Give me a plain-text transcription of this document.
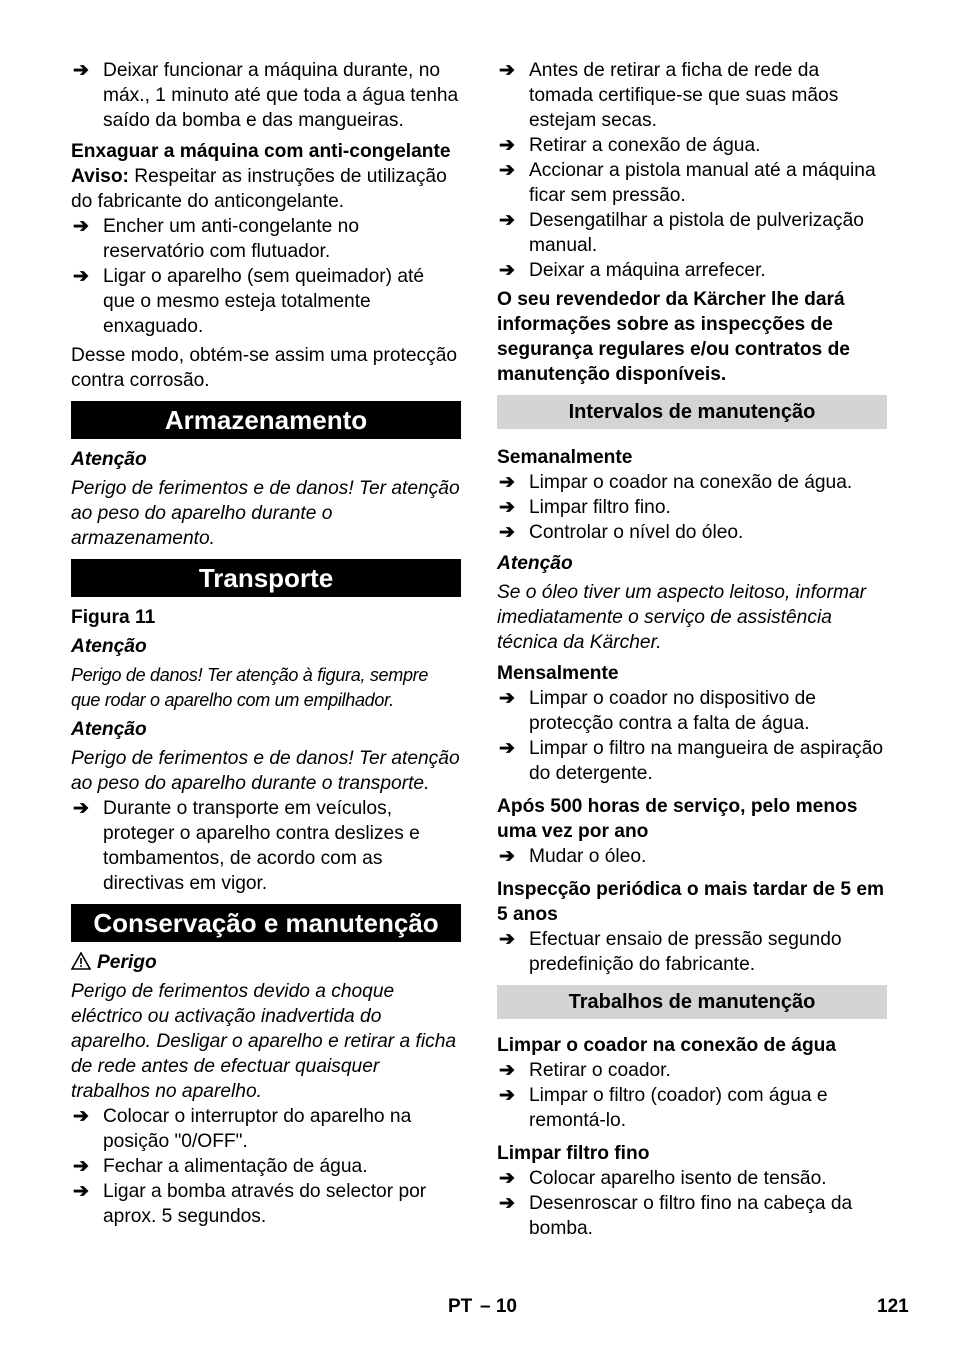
➔ Deixar funcionar a máquina durante, no máx., 1 minuto até que toda a água tenha saído da bomba e das mangueiras.

Enxaguar a máquina com anti-congelante

Aviso: Respeitar as instruções de utilização do fabricante do anticongelante.

➔ Encher um anti-congelante no reservatório com flutuador.
➔ Ligar o aparelho (sem queimador) até que o mesmo esteja totalmente enxaguado.

Desse modo, obtém-se assim uma protecção contra corrosão.

Armazenamento

Atenção

Perigo de ferimentos e de danos! Ter atenção ao peso do aparelho durante o armazenamento.

Transporte

Figura 11

Atenção

Perigo de danos! Ter atenção à figura, sempre que rodar o aparelho com um empilhador.

Atenção

Perigo de ferimentos e de danos! Ter atenção ao peso do aparelho durante o transporte.

➔ Durante o transporte em veículos, proteger o aparelho contra deslizes e tombamentos, de acordo com as directivas em vigor.
Conservação e manutenção

Perigo

Perigo de ferimentos devido a choque eléctrico ou activação inadvertida do aparelho. Desligar o aparelho e retirar a ficha de rede antes de efectuar quaisquer trabalhos no aparelho.

➔ Colocar o interruptor do aparelho na posição "0/OFF".
➔ Fechar a alimentação de água.
➔ Ligar a bomba através do selector por aprox. 5 segundos.
➔ Antes de retirar a ficha de rede da tomada certifique-se que suas mãos estejam secas.
➔ Retirar a conexão de água.
➔ Accionar a pistola manual até a máquina ficar sem pressão.
➔ Desengatilhar a pistola de pulverização manual.
➔ Deixar a máquina arrefecer.

O seu revendedor da Kärcher lhe dará informações sobre as inspecções de segurança regulares e/ou contratos de manutenção disponíveis.

Intervalos de manutenção

Semanalmente

➔ Limpar o coador na conexão de água.
➔ Limpar filtro fino.
➔ Controlar o nível do óleo.

Atenção

Se o óleo tiver um aspecto leitoso, informar imediatamente o serviço de assistência técnica da Kärcher.

Mensalmente

➔ Limpar o coador no dispositivo de protecção contra a falta de água.
➔ Limpar o filtro na mangueira de aspiração do detergente.

Após 500 horas de serviço, pelo menos uma vez por ano

➔ Mudar o óleo.

Inspecção periódica o mais tardar de 5 em 5 anos

➔ Efectuar ensaio de pressão segundo predefinição do fabricante.
Trabalhos de manutenção

Limpar o coador na conexão de água

➔ Retirar o coador.
➔ Limpar o filtro (coador) com água e remontá-lo.

Limpar filtro fino

➔ Colocar aparelho isento de tensão.
➔ Desenroscar o filtro fino na cabeça da bomba.
PT – 10	121
